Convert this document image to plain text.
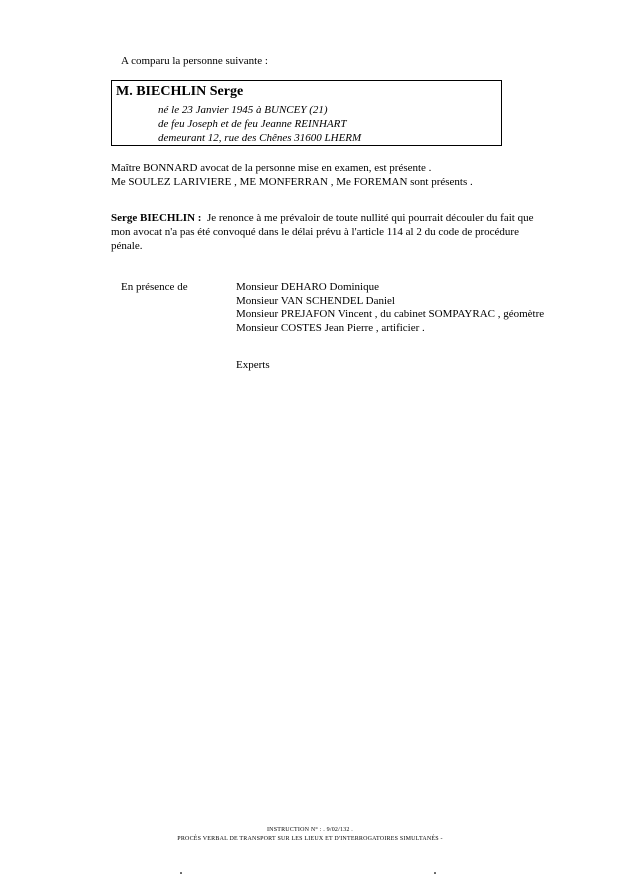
A comparu la personne suivante :
M. BIECHLIN Serge
né le 23 Janvier 1945 à BUNCEY (21)
de feu Joseph et de feu Jeanne REINHART
demeurant 12, rue des Chênes 31600 LHERM
Maître BONNARD avocat de la personne mise en examen, est présente .
Me SOULEZ LARIVIERE , ME MONFERRAN , Me FOREMAN sont présents .
Serge BIECHLIN : Je renonce à me prévaloir de toute nullité qui pourrait découler du fait que
mon avocat n'a pas été convoqué dans le délai prévu à l'article 114 al 2 du code de procédure
pénale.
En présence de	Monsieur DEHARO Dominique
Monsieur VAN SCHENDEL Daniel
Monsieur PREJAFON Vincent , du cabinet SOMPAYRAC , géomètre
Monsieur COSTES Jean Pierre , artificier .
Experts
INSTRUCTION N° : . 9/02/132 .
PROCÈS VERBAL DE TRANSPORT SUR LES LIEUX ET D'INTERROGATOIRES SIMULTANÉS -
